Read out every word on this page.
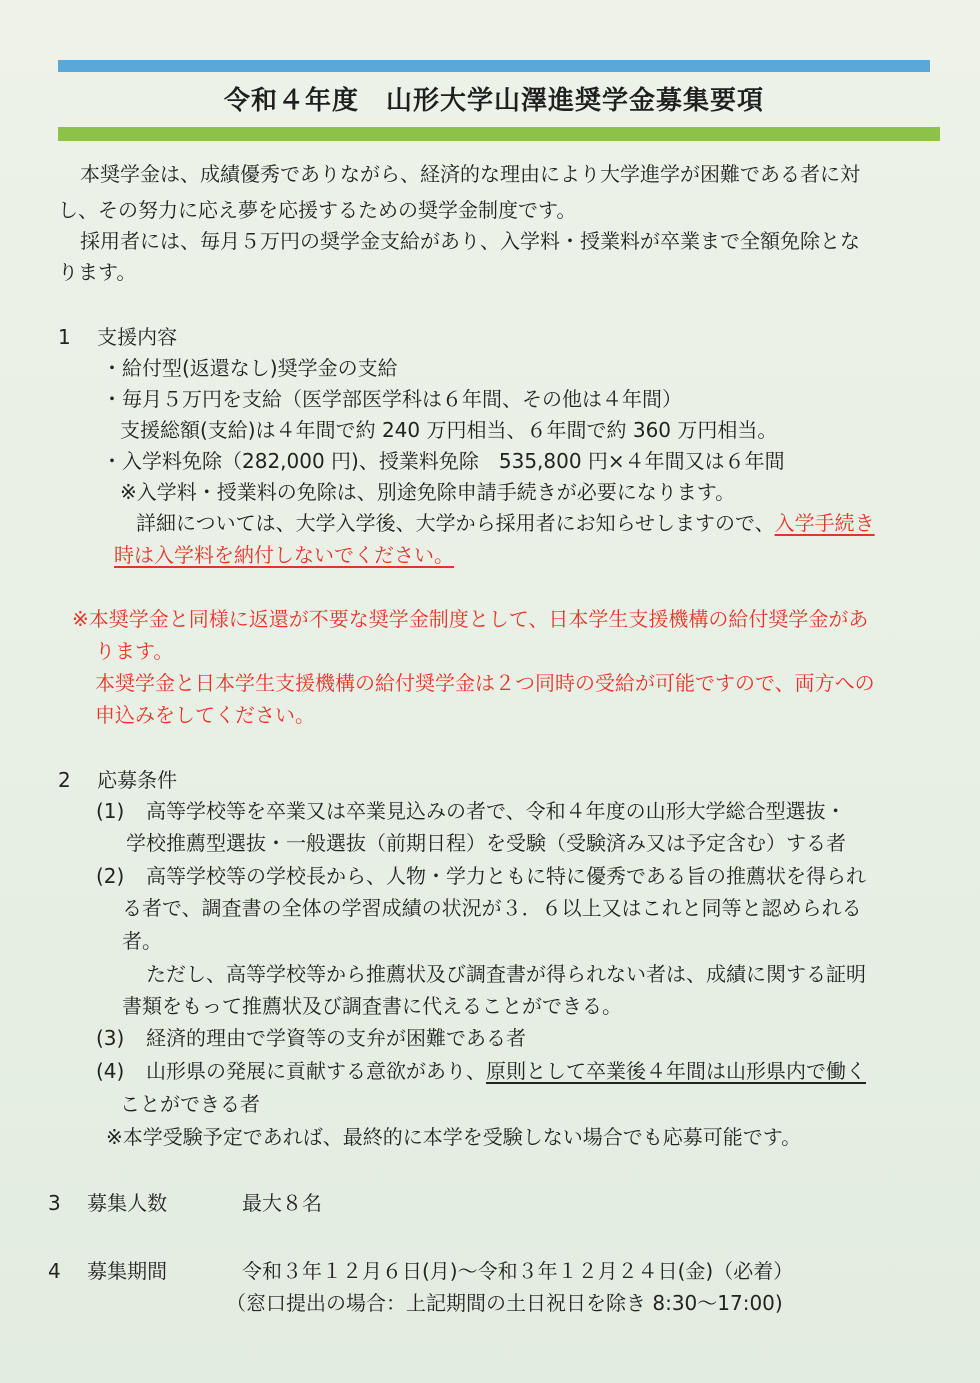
令和４年度　山形大学山澤進奨学金募集要項
本奨学金は、成績優秀でありながら、経済的な理由により大学進学が困難である者に対
し、その努力に応え夢を応援するための奨学金制度です。
採用者には、毎月５万円の奨学金支給があり、入学料・授業料が卒業まで全額免除とな
ります。
1　 支援内容
・給付型(返還なし)奨学金の支給
・毎月５万円を支給（医学部医学科は６年間、その他は４年間）
支援総額(支給)は４年間で約 240 万円相当、６年間で約 360 万円相当。
・入学料免除（282,000 円)、授業料免除　535,800 円×４年間又は６年間
※入学料・授業料の免除は、別途免除申請手続きが必要になります。
詳細については、大学入学後、大学から採用者にお知らせしますので、入学手続き
時は入学料を納付しないでください。
※本奨学金と同様に返還が不要な奨学金制度として、日本学生支援機構の給付奨学金があ
ります。
本奨学金と日本学生支援機構の給付奨学金は２つ同時の受給が可能ですので、両方への
申込みをしてください。
2　 応募条件
(1) 高等学校等を卒業又は卒業見込みの者で、令和４年度の山形大学総合型選抜・
学校推薦型選抜・一般選抜（前期日程）を受験（受験済み又は予定含む）する者
(2) 高等学校等の学校長から、人物・学力ともに特に優秀である旨の推薦状を得られ
る者で、調査書の全体の学習成績の状況が３．６以上又はこれと同等と認められる
者。
ただし、高等学校等から推薦状及び調査書が得られない者は、成績に関する証明
書類をもって推薦状及び調査書に代えることができる。
(3) 経済的理由で学資等の支弁が困難である者
(4) 山形県の発展に貢献する意欲があり、原則として卒業後４年間は山形県内で働く
ことができる者
※本学受験予定であれば、最終的に本学を受験しない場合でも応募可能です。
3　 募集人数	最大８名
4　 募集期間	令和３年１２月６日(月)～令和３年１２月２４日(金)（必着）
（窓口提出の場合：上記期間の土日祝日を除き 8:30～17:00)
